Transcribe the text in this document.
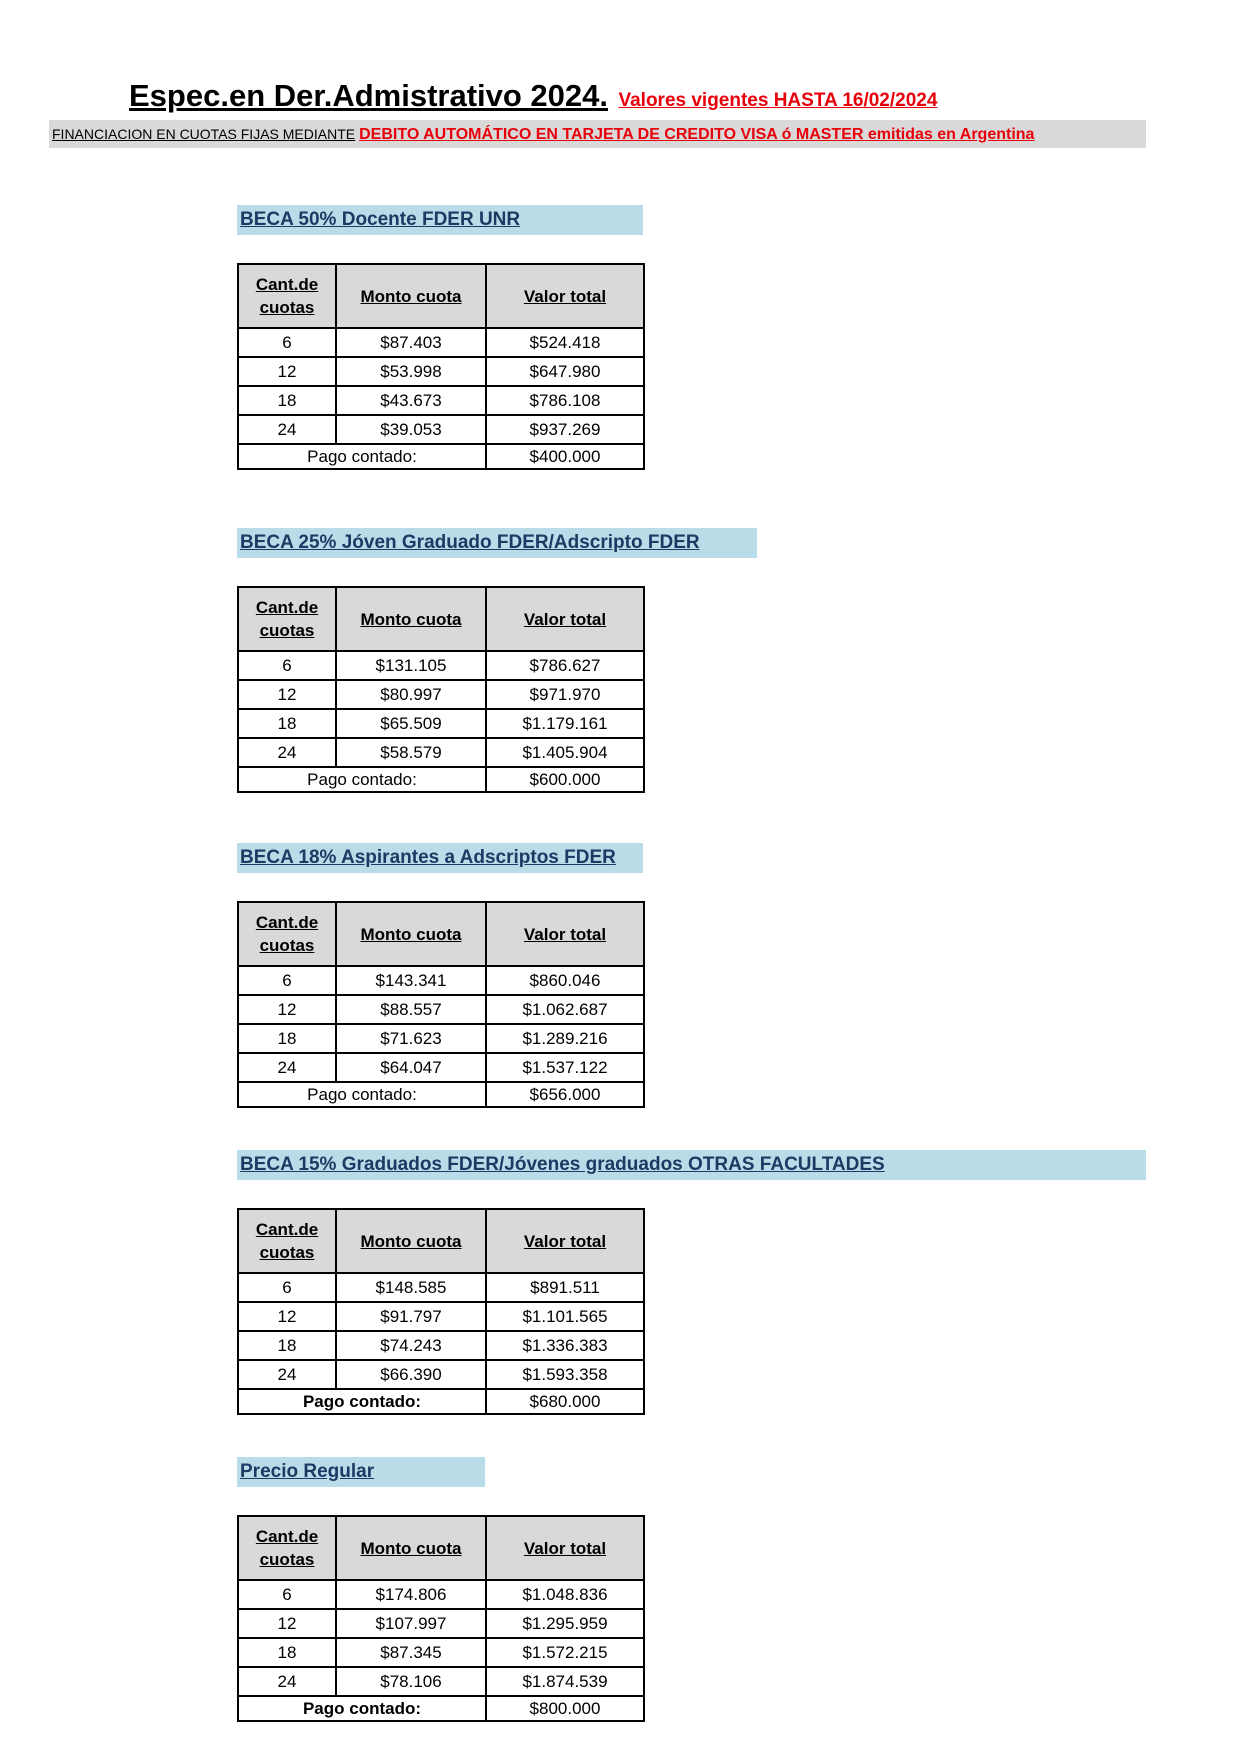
Espec.en Der.Admistrativo 2024. Valores vigentes HASTA 16/02/2024
FINANCIACION EN CUOTAS FIJAS MEDIANTE DEBITO AUTOMÁTICO EN TARJETA DE CREDITO VISA ó MASTER emitidas en Argentina
BECA 50% Docente FDER UNR
Cant.de
cuotas	Monto cuota	Valor total
6	$87.403	$524.418
12	$53.998	$647.980
18	$43.673	$786.108
24	$39.053	$937.269
Pago contado:		$400.000
BECA 25% Jóven Graduado FDER/Adscripto FDER
Cant.de
cuotas	Monto cuota	Valor total
6	$131.105	$786.627
12	$80.997	$971.970
18	$65.509	$1.179.161
24	$58.579	$1.405.904
Pago contado:		$600.000
BECA 18% Aspirantes a Adscriptos FDER
Cant.de
cuotas	Monto cuota	Valor total
6	$143.341	$860.046
12	$88.557	$1.062.687
18	$71.623	$1.289.216
24	$64.047	$1.537.122
Pago contado:		$656.000
BECA 15% Graduados FDER/Jóvenes graduados OTRAS FACULTADES
Cant.de
cuotas	Monto cuota	Valor total
6	$148.585	$891.511
12	$91.797	$1.101.565
18	$74.243	$1.336.383
24	$66.390	$1.593.358
Pago contado:		$680.000
Precio Regular
Cant.de
cuotas	Monto cuota	Valor total
6	$174.806	$1.048.836
12	$107.997	$1.295.959
18	$87.345	$1.572.215
24	$78.106	$1.874.539
Pago contado:		$800.000
